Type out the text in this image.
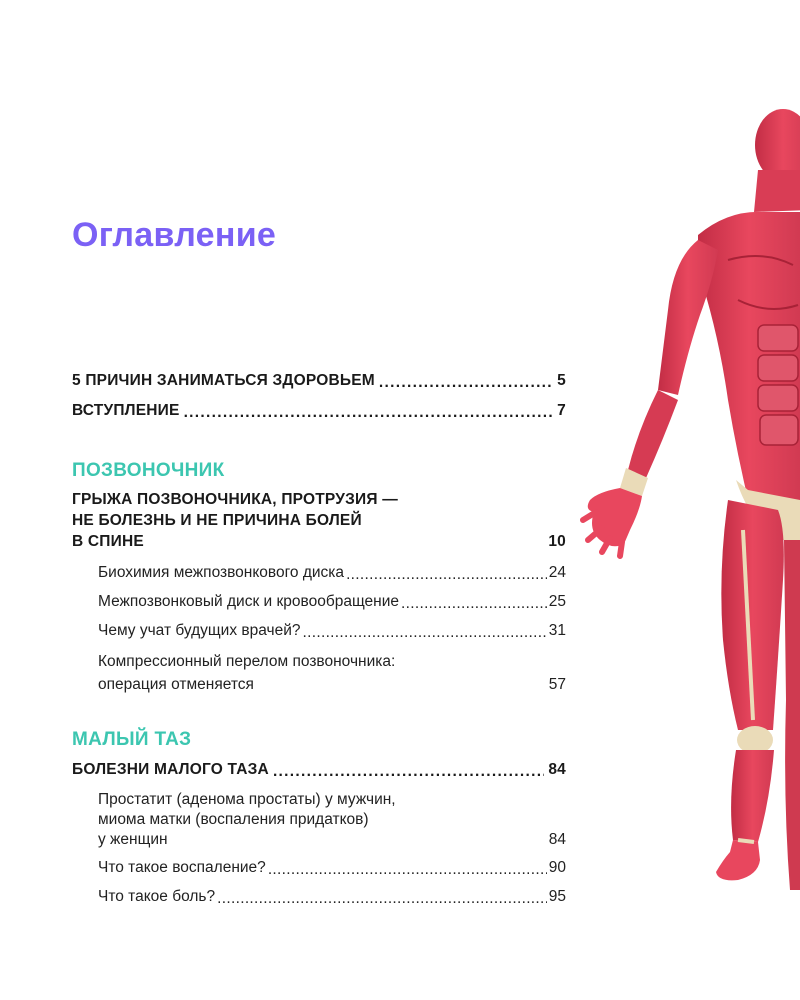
Оглавление
5 ПРИЧИН ЗАНИМАТЬСЯ ЗДОРОВЬЕМ . . .	5
ВСТУПЛЕНИЕ . . .	7
ПОЗВОНОЧНИК
ГРЫЖА ПОЗВОНОЧНИКА, ПРОТРУЗИЯ —
НЕ БОЛЕЗНЬ И НЕ ПРИЧИНА БОЛЕЙ
В СПИНЕ	10
Биохимия межпозвонкового диска . . .	24
Межпозвонковый диск и кровообращение . . .	25
Чему учат будущих врачей? . . .	31
Компрессионный перелом позвоночника:
операция отменяется	57
МАЛЫЙ ТАЗ
БОЛЕЗНИ МАЛОГО ТАЗА . . .	84
Простатит (аденома простаты) у мужчин,
миома матки (воспаления придатков)
у женщин	84
Что такое воспаление? . . .	90
Что такое боль? . . .	95
